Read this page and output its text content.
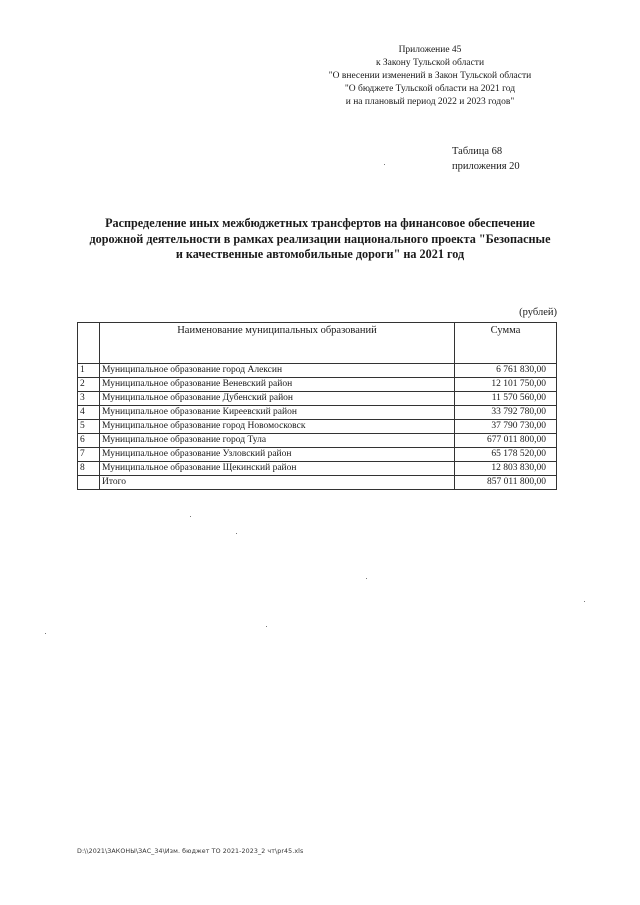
Приложение 45
к Закону Тульской области
"О внесении изменений в Закон Тульской области
"О бюджете Тульской области на 2021 год
и на плановый период 2022 и 2023 годов"
Таблица 68
приложения 20
Распределение иных межбюджетных трансфертов на финансовое обеспечение
дорожной деятельности в рамках реализации национального проекта "Безопасные
и качественные автомобильные дороги" на 2021 год
(рублей)
	Наименование муниципальных образований	Сумма
1	Муниципальное образование город Алексин	6 761 830,00
2	Муниципальное образование Веневский район	12 101 750,00
3	Муниципальное образование Дубенский район	11 570 560,00
4	Муниципальное образование Киреевский район	33 792 780,00
5	Муниципальное образование город Новомосковск	37 790 730,00
6	Муниципальное образование город Тула	677 011 800,00
7	Муниципальное образование Узловский район	65 178 520,00
8	Муниципальное образование Щекинский район	12 803 830,00
	Итого	857 011 800,00
D:\\2021\ЗАКОНЫ\ЗАС_34\Изм. бюджет ТО 2021-2023_2 чт\pr45.xls
